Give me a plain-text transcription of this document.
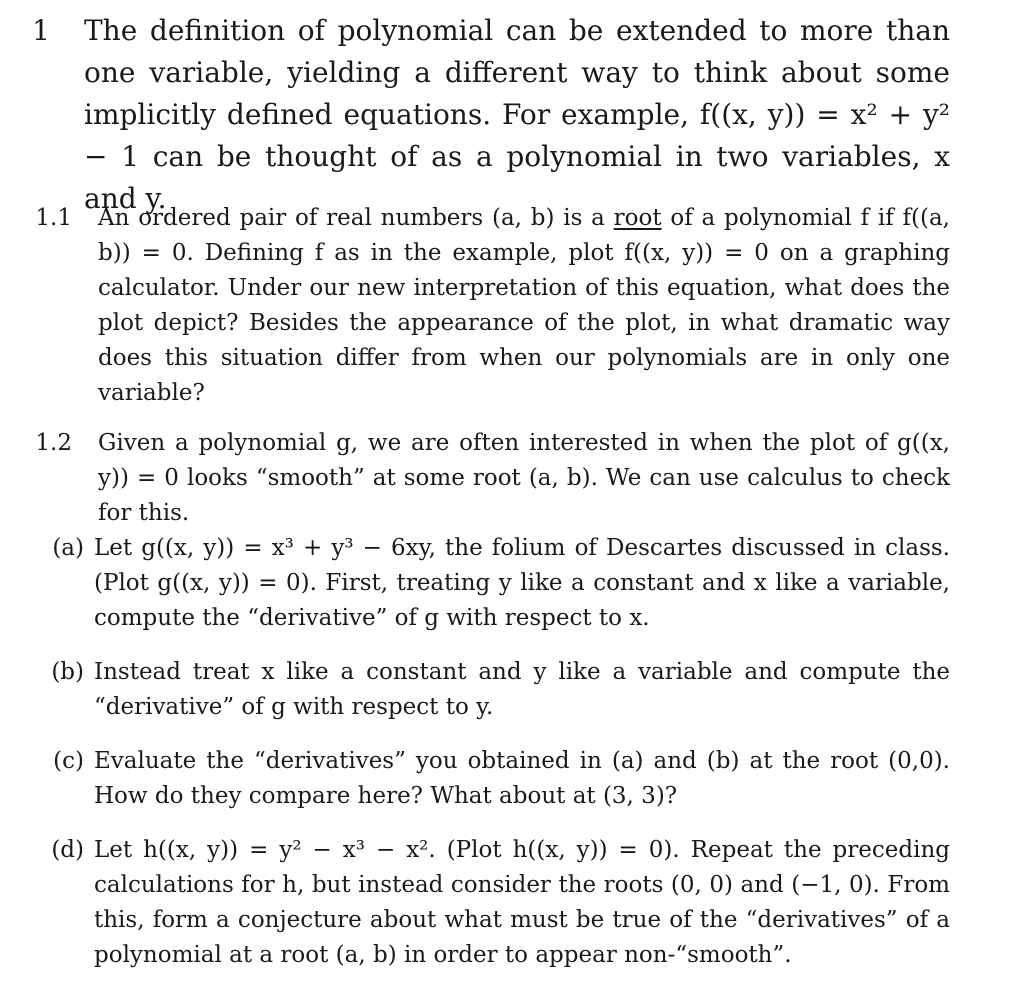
1 The definition of polynomial can be extended to more than one variable, yielding a different way to think about some implicitly defined equations. For example, f((x, y)) = x² + y² − 1 can be thought of as a polynomial in two variables, x and y.
1.1 An ordered pair of real numbers (a, b) is a root of a polynomial f if f((a, b)) = 0. Defining f as in the example, plot f((x, y)) = 0 on a graphing calculator. Under our new interpretation of this equation, what does the plot depict? Besides the appearance of the plot, in what dramatic way does this situation differ from when our polynomials are in only one variable?
1.2 Given a polynomial g, we are often interested in when the plot of g((x, y)) = 0 looks “smooth” at some root (a, b). We can use calculus to check for this.
(a) Let g((x, y)) = x³ + y³ − 6xy, the folium of Descartes discussed in class. (Plot g((x, y)) = 0). First, treating y like a constant and x like a variable, compute the “derivative” of g with respect to x.
(b) Instead treat x like a constant and y like a variable and compute the “derivative” of g with respect to y.
(c) Evaluate the “derivatives” you obtained in (a) and (b) at the root (0,0). How do they compare here? What about at (3, 3)?
(d) Let h((x, y)) = y² − x³ − x². (Plot h((x, y)) = 0). Repeat the preceding calculations for h, but instead consider the roots (0, 0) and (−1, 0). From this, form a conjecture about what must be true of the “derivatives” of a polynomial at a root (a, b) in order to appear non-“smooth”.
